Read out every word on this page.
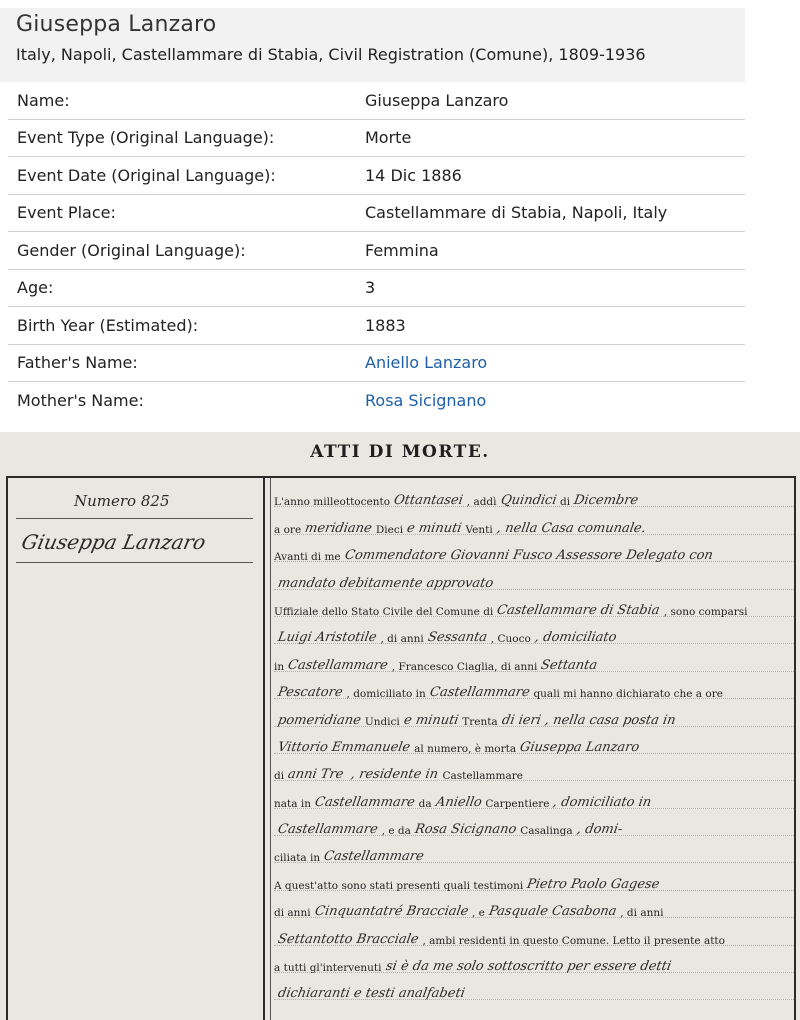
Giuseppa Lanzaro
Italy, Napoli, Castellammare di Stabia, Civil Registration (Comune), 1809-1936
Name:	Giuseppa Lanzaro
Event Type (Original Language):	Morte
Event Date (Original Language):	14 Dic 1886
Event Place:	Castellammare di Stabia, Napoli, Italy
Gender (Original Language):	Femmina
Age:	3
Birth Year (Estimated):	1883
Father's Name:	Aniello Lanzaro
Mother's Name:	Rosa Sicignano
ATTI DI MORTE.
Numero 825
Giuseppa Lanzaro
L'anno milleottocento Ottantasei , addì Quindici di Dicembre
a ore meridiane Dieci e minuti Venti , nella Casa comunale.
Avanti di me Commendatore Giovanni Fusco Assessore Delegato con
mandato debitamente approvato
Uffiziale dello Stato Civile del Comune di Castellammare di Stabia , sono comparsi
Luigi Aristotile , di anni Sessanta , Cuoco , domiciliato
in Castellammare , Francesco Ciaglia , di anni Settanta
Pescatore , domiciliato in Castellammare quali mi hanno dichiarato che a ore
pomeridiane Undici e minuti Trenta di ieri , nella casa posta in
Vittorio Emmanuele al numero , è morta Giuseppa Lanzaro
di anni Tre , residente in Castellammare
nata in Castellammare da Aniello Carpentiere , domiciliato in
Castellammare , e da Rosa Sicignano Casalinga , domi-
ciliata in Castellammare
A quest'atto sono stati presenti quali testimoni Pietro Paolo Gagese
di anni Cinquantatré Bracciale , e Pasquale Casabona , di anni
Settantotto Bracciale , ambi residenti in questo Comune. Letto il presente atto
a tutti gl'intervenuti si è da me solo sottoscritto per essere detti
dichiaranti e testi analfabeti
